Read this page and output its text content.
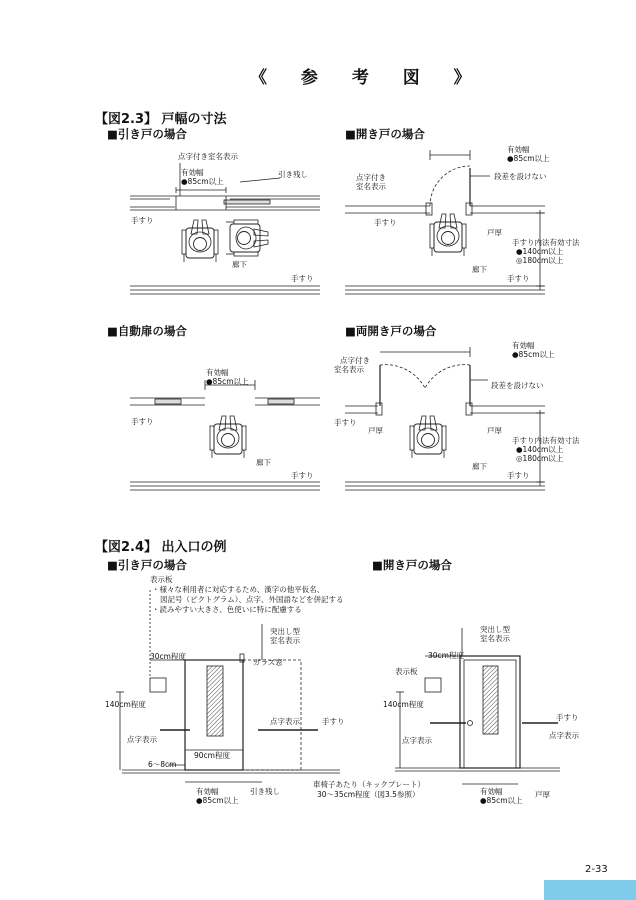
《 参 考 図 》
【図2.3】 戸幅の寸法
■引き戸の場合	■開き戸の場合
■自動扉の場合	■両開き戸の場合
【図2.4】 出入口の例
■引き戸の場合	■開き戸の場合
点字付き室名表示
有効幅
●85cm以上
引き残し
手すり
廊下
手すり
有効幅
●85cm以上
点字付き
室名表示
段差を設けない
手すり
戸厚
手すり内法有効寸法
●140cm以上
◎180cm以上
廊下
手すり
有効幅
●85cm以上
手すり
廊下
手すり
有効幅
●85cm以上
点字付き
室名表示
段差を設けない
手すり
戸厚	戸厚
手すり内法有効寸法
●140cm以上
◎180cm以上
廊下
手すり
表示板
・様々な利用者に対応するため、漢字の他平仮名、
図記号（ピクトグラム）、点字、外国語などを併記する
・読みやすい大きさ、色使いに特に配慮する
突出し型
室名表示
30cm程度
ガラス窓
140cm程度
点字表示
点字表示	手すり
90cm程度
6～8cm
有効幅
●85cm以上
引き残し
車椅子あたり（キックプレート）
30～35cm程度（図3.5参照）
突出し型
室名表示
30cm程度
表示板
140cm程度
点字表示
点字表示
手すり
有効幅
●85cm以上
戸厚
2-33
